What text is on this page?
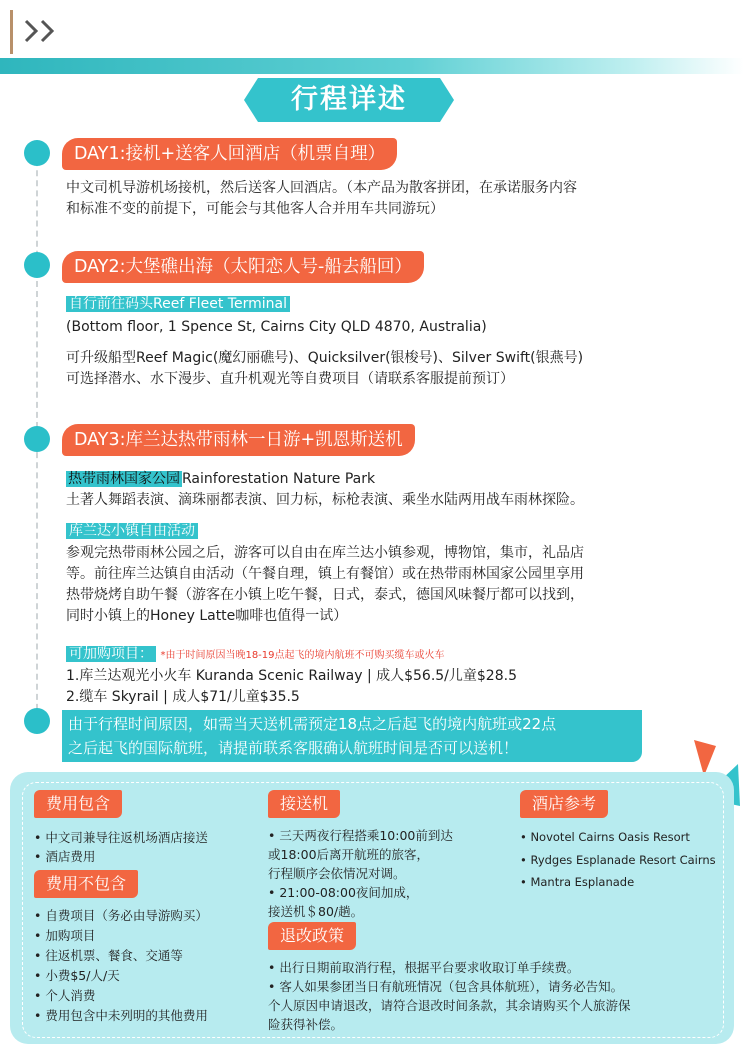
行程详述
DAY1:接机+送客人回酒店（机票自理）
中文司机导游机场接机，然后送客人回酒店。（本产品为散客拼团，在承诺服务内容
和标准不变的前提下，可能会与其他客人合并用车共同游玩）
DAY2:大堡礁出海（太阳恋人号-船去船回）
自行前往码头Reef Fleet Terminal
(Bottom floor, 1 Spence St, Cairns City QLD 4870, Australia)
可升级船型Reef Magic(魔幻丽礁号)、Quicksilver(银梭号)、Silver Swift(银燕号)
可选择潜水、水下漫步、直升机观光等自费项目（请联系客服提前预订）
DAY3:库兰达热带雨林一日游+凯恩斯送机
热带雨林国家公园 Rainforestation Nature Park
土著人舞蹈表演、滴珠丽都表演、回力标，标枪表演、乘坐水陆两用战车雨林探险。
库兰达小镇自由活动
参观完热带雨林公园之后，游客可以自由在库兰达小镇参观，博物馆，集市，礼品店
等。前往库兰达镇自由活动（午餐自理，镇上有餐馆）或在热带雨林国家公园里享用
热带烧烤自助午餐（游客在小镇上吃午餐，日式，泰式，德国风味餐厅都可以找到，
同时小镇上的Honey Latte咖啡也值得一试）
可加购项目： *由于时间原因当晚18-19点起飞的境内航班不可购买缆车或火车
1.库兰达观光小火车 Kuranda Scenic Railway | 成人$56.5/儿童$28.5
2.缆车 Skyrail | 成人$71/儿童$35.5
由于行程时间原因，如需当天送机需预定18点之后起飞的境内航班或22点
之后起飞的国际航班，请提前联系客服确认航班时间是否可以送机！
费用包含
• 中文司兼导往返机场酒店接送
• 酒店费用
费用不包含
• 自费项目（务必由导游购买）
• 加购项目
• 往返机票、餐食、交通等
• 小费$5/人/天
• 个人消费
• 费用包含中未列明的其他费用
接送机
• 三天两夜行程搭乘10:00前到达
或18:00后离开航班的旅客，
行程顺序会依情况对调。
• 21:00-08:00夜间加成，
接送机＄80/趟。
退改政策
• 出行日期前取消行程，根据平台要求收取订单手续费。
• 客人如果参团当日有航班情况（包含具体航班），请务必告知。
个人原因申请退改，请符合退改时间条款，其余请购买个人旅游保
险获得补偿。
酒店参考
• Novotel Cairns Oasis Resort
• Rydges Esplanade Resort Cairns
• Mantra Esplanade
